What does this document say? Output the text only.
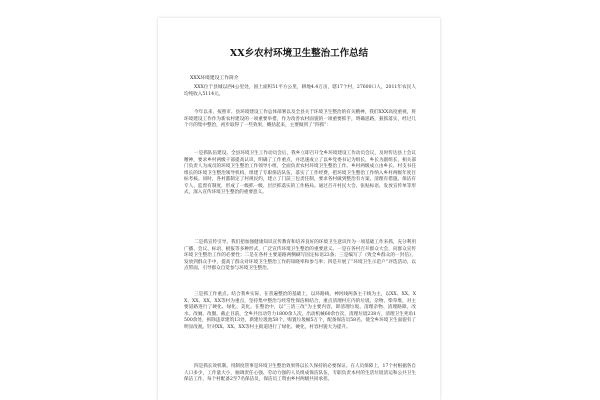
XX乡农村环境卫生整治工作总结
XXX环境建设工作简介

XXX位于县城以西4公里处，国土面积51平方公里，耕地4.4万亩，辖17个村，27600口人，2011年农民人均纯收入5114元。

今年以来，按照市、县环境建设工作总体部署以及全县关于环境卫生整治的有关精神，我们XXX高度重视，将环境建设工作作为新农村建设的一项重要举措，作为改善农村面貌的一项重要抓手，明确思路，狠抓落实，经过几个月的集中整治，初步取得了一些效果，概括起来，主要做到了“四抓”：

一是抓队伍建设。全县环境卫生工作动员会后，我乡立即召开全乡环境建设工作动员会议，及时传达县上会议精神，要求乡村两级干部提高认识，明确了工作重点，并迅速成立了以乡党委书记为组长，乡长为副组长，相关部门负责人为成员的环境卫生整治工作领导小组，全面负责农村环境卫生整治工作。乡村两级成立由乡长、村支书任组长的环境卫生整治领导机构，组建了专职保洁队伍，落实了工作经费，把环境卫生整治工作纳入乡村两级年度目标考核。同时，各村都制定了村规民约，建立了门前三包责任制，要求各村做到整治有方案、清理有措施、保洁有专人、监督有制度，形成了一级抓一级、层层抓落实的工作格局。通过召开村民大会、张贴标语、发放宣传单等形式，深入宣传环境卫生整治的重要意义。

二是抓宣传引导。我们把加强健康知识宣传教育和培养良好的环境卫生意识作为一项基础工作来抓，充分利用广播、会议、标语、板报等多种形式，广泛宣传环境卫生整治的重要意义。一是在各村召开群众大会，向群众宣传环境卫生整治工作的必要性；二是在各村主要道路两侧刷写固定标语23条；三是编写了《致全乡群众的一封信》，发放到群众手中，提高了群众对环境卫生整治工作的知晓率和参与率；四是开展了“环境卫生示范户”评选活动，以点带面，引导群众自觉参与环境卫生整治。

三是抓工作重点。结合我乡实际，在普遍整治的基础上，以环路线、神河线两条主干线为主，以XX、XX、XX、XX、XX、XX等村为重点，坚持集中整治与经常性保洁相结合，重点清理村庄内的垃圾、杂物、柴草堆，对主要道路进行了硬化、绿化、美化。在整治中，以“三清三改”为主要内容，即清理垃圾、清理杂物、清理路障，改水、改厕、改圈。截止目前，全乡共出动劳力1800余人次，出动机械60余台次，清理垃圾238方，清理卫生死角1500余处，拆除违章建筑13处，新建垃圾池58个，购置垃圾桶5万个，配备保洁员58名，使全乡环境卫生面貌有了明显改观。针对XX、XX、XX等村主街道进行了绿化、硬化，村容村貌大为提升。

四是抓长效机制。用制度管事是环境卫生整治效果得以长久保持的必要保证。在人员保障上，17个村根据各自人口多少，工作量大小，抽调责任心强、劳动力强的人员组成保洁队伍，专职负责本村的生活垃圾清运和公共卫生保洁工作，每个村配备2至7名保洁员，保洁员工资由乡村两级共同承担。
